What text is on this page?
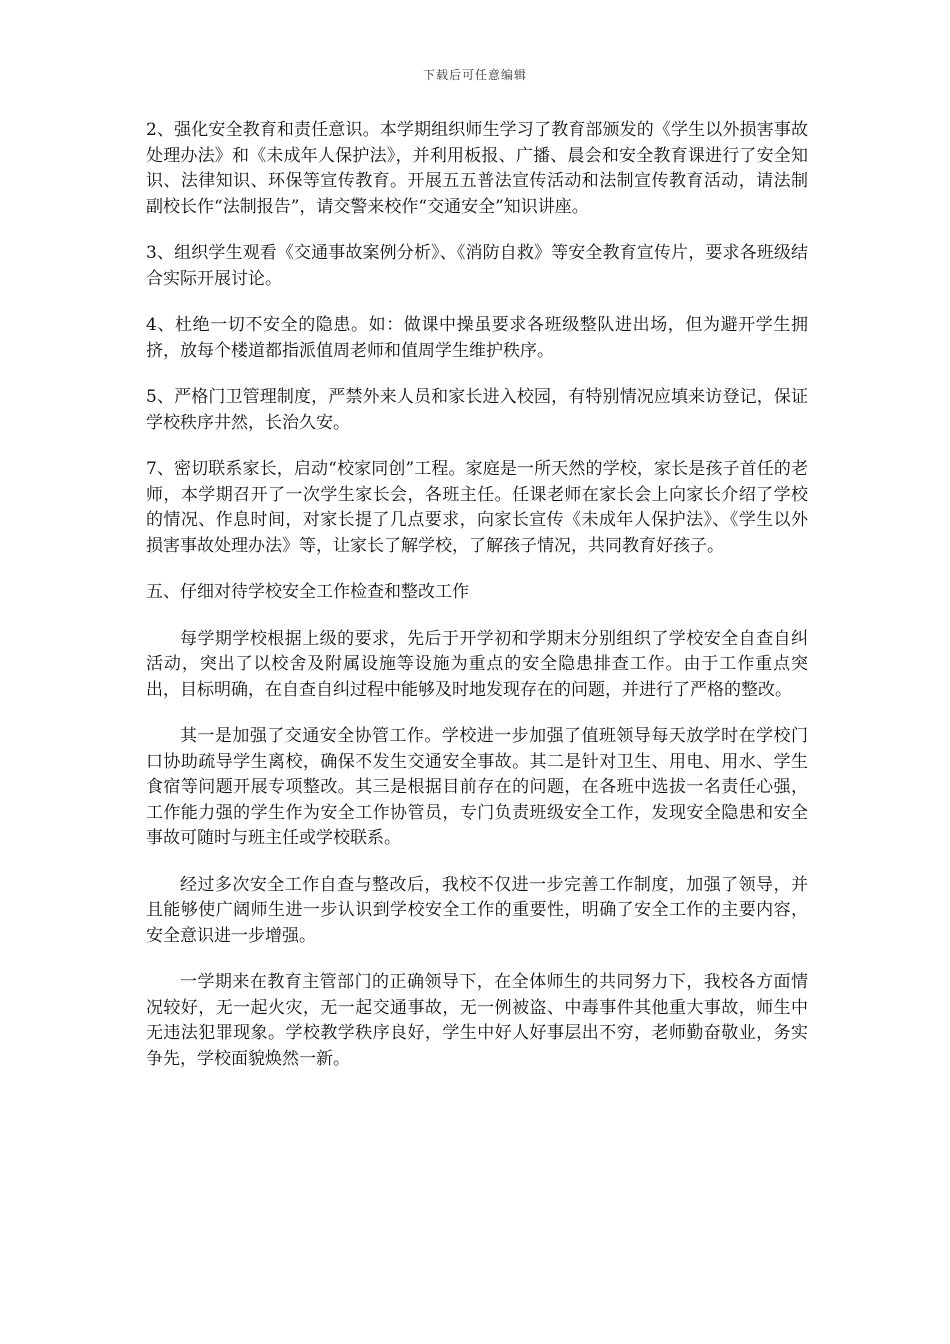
下载后可任意编辑

2、强化安全教育和责任意识。本学期组织师生学习了教育部颁发的《学生以外损害事故处理办法》和《未成年人保护法》，并利用板报、广播、晨会和安全教育课进行了安全知识、法律知识、环保等宣传教育。开展五五普法宣传活动和法制宣传教育活动，请法制副校长作“法制报告”，请交警来校作“交通安全”知识讲座。

3、组织学生观看《交通事故案例分析》、《消防自救》等安全教育宣传片，要求各班级结合实际开展讨论。

4、杜绝一切不安全的隐患。如：做课中操虽要求各班级整队进出场，但为避开学生拥挤，放每个楼道都指派值周老师和值周学生维护秩序。

5、严格门卫管理制度，严禁外来人员和家长进入校园，有特别情况应填来访登记，保证学校秩序井然，长治久安。

7、密切联系家长，启动“校家同创”工程。家庭是一所天然的学校，家长是孩子首任的老师，本学期召开了一次学生家长会，各班主任。任课老师在家长会上向家长介绍了学校的情况、作息时间，对家长提了几点要求，向家长宣传《未成年人保护法》、《学生以外损害事故处理办法》等，让家长了解学校，了解孩子情况，共同教育好孩子。

五、仔细对待学校安全工作检查和整改工作

每学期学校根据上级的要求，先后于开学初和学期末分别组织了学校安全自查自纠活动，突出了以校舍及附属设施等设施为重点的安全隐患排查工作。由于工作重点突出，目标明确，在自查自纠过程中能够及时地发现存在的问题，并进行了严格的整改。

其一是加强了交通安全协管工作。学校进一步加强了值班领导每天放学时在学校门口协助疏导学生离校，确保不发生交通安全事故。其二是针对卫生、用电、用水、学生食宿等问题开展专项整改。其三是根据目前存在的问题，在各班中选拔一名责任心强，工作能力强的学生作为安全工作协管员，专门负责班级安全工作，发现安全隐患和安全事故可随时与班主任或学校联系。

经过多次安全工作自查与整改后，我校不仅进一步完善工作制度，加强了领导，并且能够使广阔师生进一步认识到学校安全工作的重要性，明确了安全工作的主要内容，安全意识进一步增强。

一学期来在教育主管部门的正确领导下，在全体师生的共同努力下，我校各方面情况较好，无一起火灾，无一起交通事故，无一例被盗、中毒事件其他重大事故，师生中无违法犯罪现象。学校教学秩序良好，学生中好人好事层出不穷，老师勤奋敬业，务实争先，学校面貌焕然一新。
